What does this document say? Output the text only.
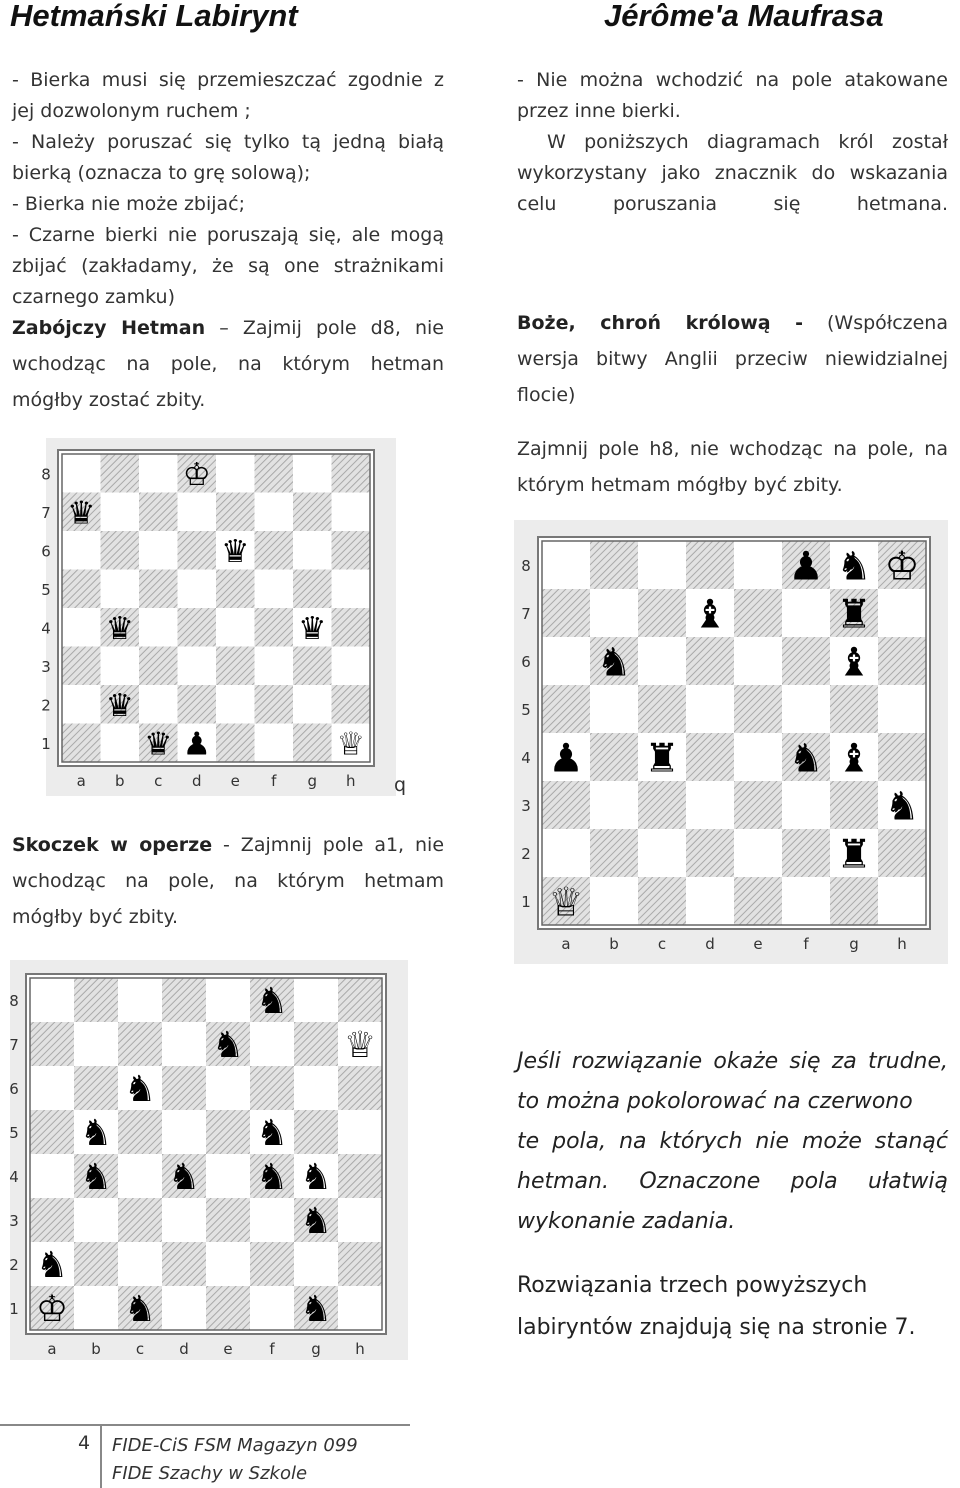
Hetmański Labirynt

- Bierka musi się przemieszczać zgodnie z

jej dozwolonym ruchem ;

- Należy poruszać się tylko tą jedną białą

bierką (oznacza to grę solową);

- Bierka nie może zbijać;

- Czarne bierki nie poruszają się, ale mogą

zbijać (zakładamy, że są one strażnikami

czarnego zamku)

Zabójczy Hetman – Zajmij pole d8, nie

wchodząc na pole, na którym hetman

mógłby zostać zbity.

8
7
6
5
4
3
2
1
a b c d e f g h
♔
♛
♛
♛	♛
♛
♛ ♟	♕
q

Skoczek w operze - Zajmnij pole a1, nie

wchodząc na pole, na którym hetmam

mógłby być zbity.

8
7
6
5
4
3
2
1
a b c d e f g h
♞
♞	♕
♞
♞	♞
♞ ♞ ♞ ♞
♞
♞
♔ ♞	♞
Jérôme'a Maufrasa

- Nie można wchodzić na pole atakowane

przez inne bierki.

W poniższych diagramach król został

wykorzystany jako znacznik do wskazania

celu poruszania się hetmana.

Boże, chroń królową - (Współczena

wersja bitwy Anglii przeciw niewidzialnej

flocie)

Zajmnij pole h8, nie wchodząc na pole, na

którym hetmam mógłby być zbity.

8
7
6
5
4
3
2
1
a	b	c	d	e	f	g	h
♟ ♞ ♔
♝	♜
♞	♝
♟ ♜	♞ ♝
♞
♜
♕

Jeśli rozwiązanie okaże się za trudne,

to można pokolorować na czerwono

te pola, na których nie może stanąć

hetman. Oznaczone pola ułatwią

wykonanie zadania.

Rozwiązania trzech powyższych

labiryntów znajdują się na stronie 7.

4 FIDE-CiS FSM Magazyn 099
FIDE Szachy w Szkole
